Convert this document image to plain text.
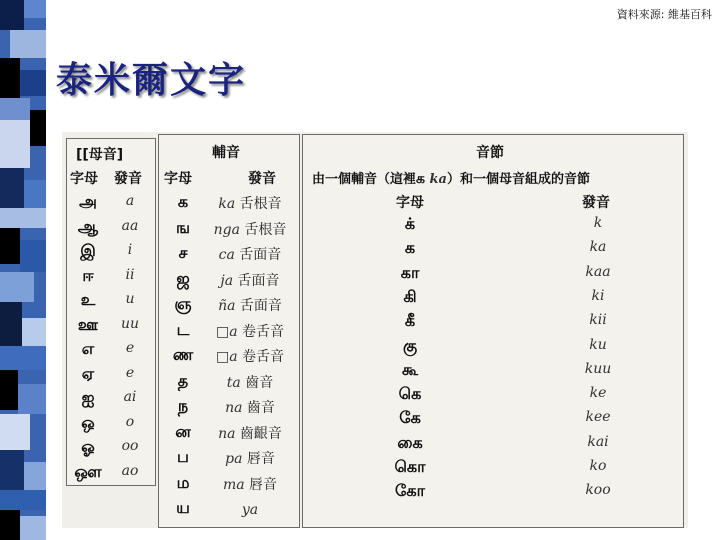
資料來源: 維基百科
泰米爾文字
[[母音]
字母 發音
அ	a
ஆ	aa
இ	i
ஈ	ii
உ	u
ஊ	uu
எ	e
ஏ	e
ஐ	ai
ஒ	o
ஓ	oo
ஔ	ao
輔音
字母	發音
க	ka 舌根音
ங	nga 舌根音
ச	ca 舌面音
ஜ	ja 舌面音
ஞ	ña 舌面音
ட	□a 卷舌音
ண	□a 卷舌音
த	ta 齒音
ந	na 齒音
ன	na 齒齦音
ப	pa 唇音
ம	ma 唇音
ய	ya
音節
由一個輔音（這裡க ka）和一個母音組成的音節
字母	發音
க்	k
க	ka
கா	kaa
கி	ki
கீ	kii
கு	ku
கூ	kuu
கெ	ke
கே	kee
கை	kai
கொ	ko
கோ	koo
